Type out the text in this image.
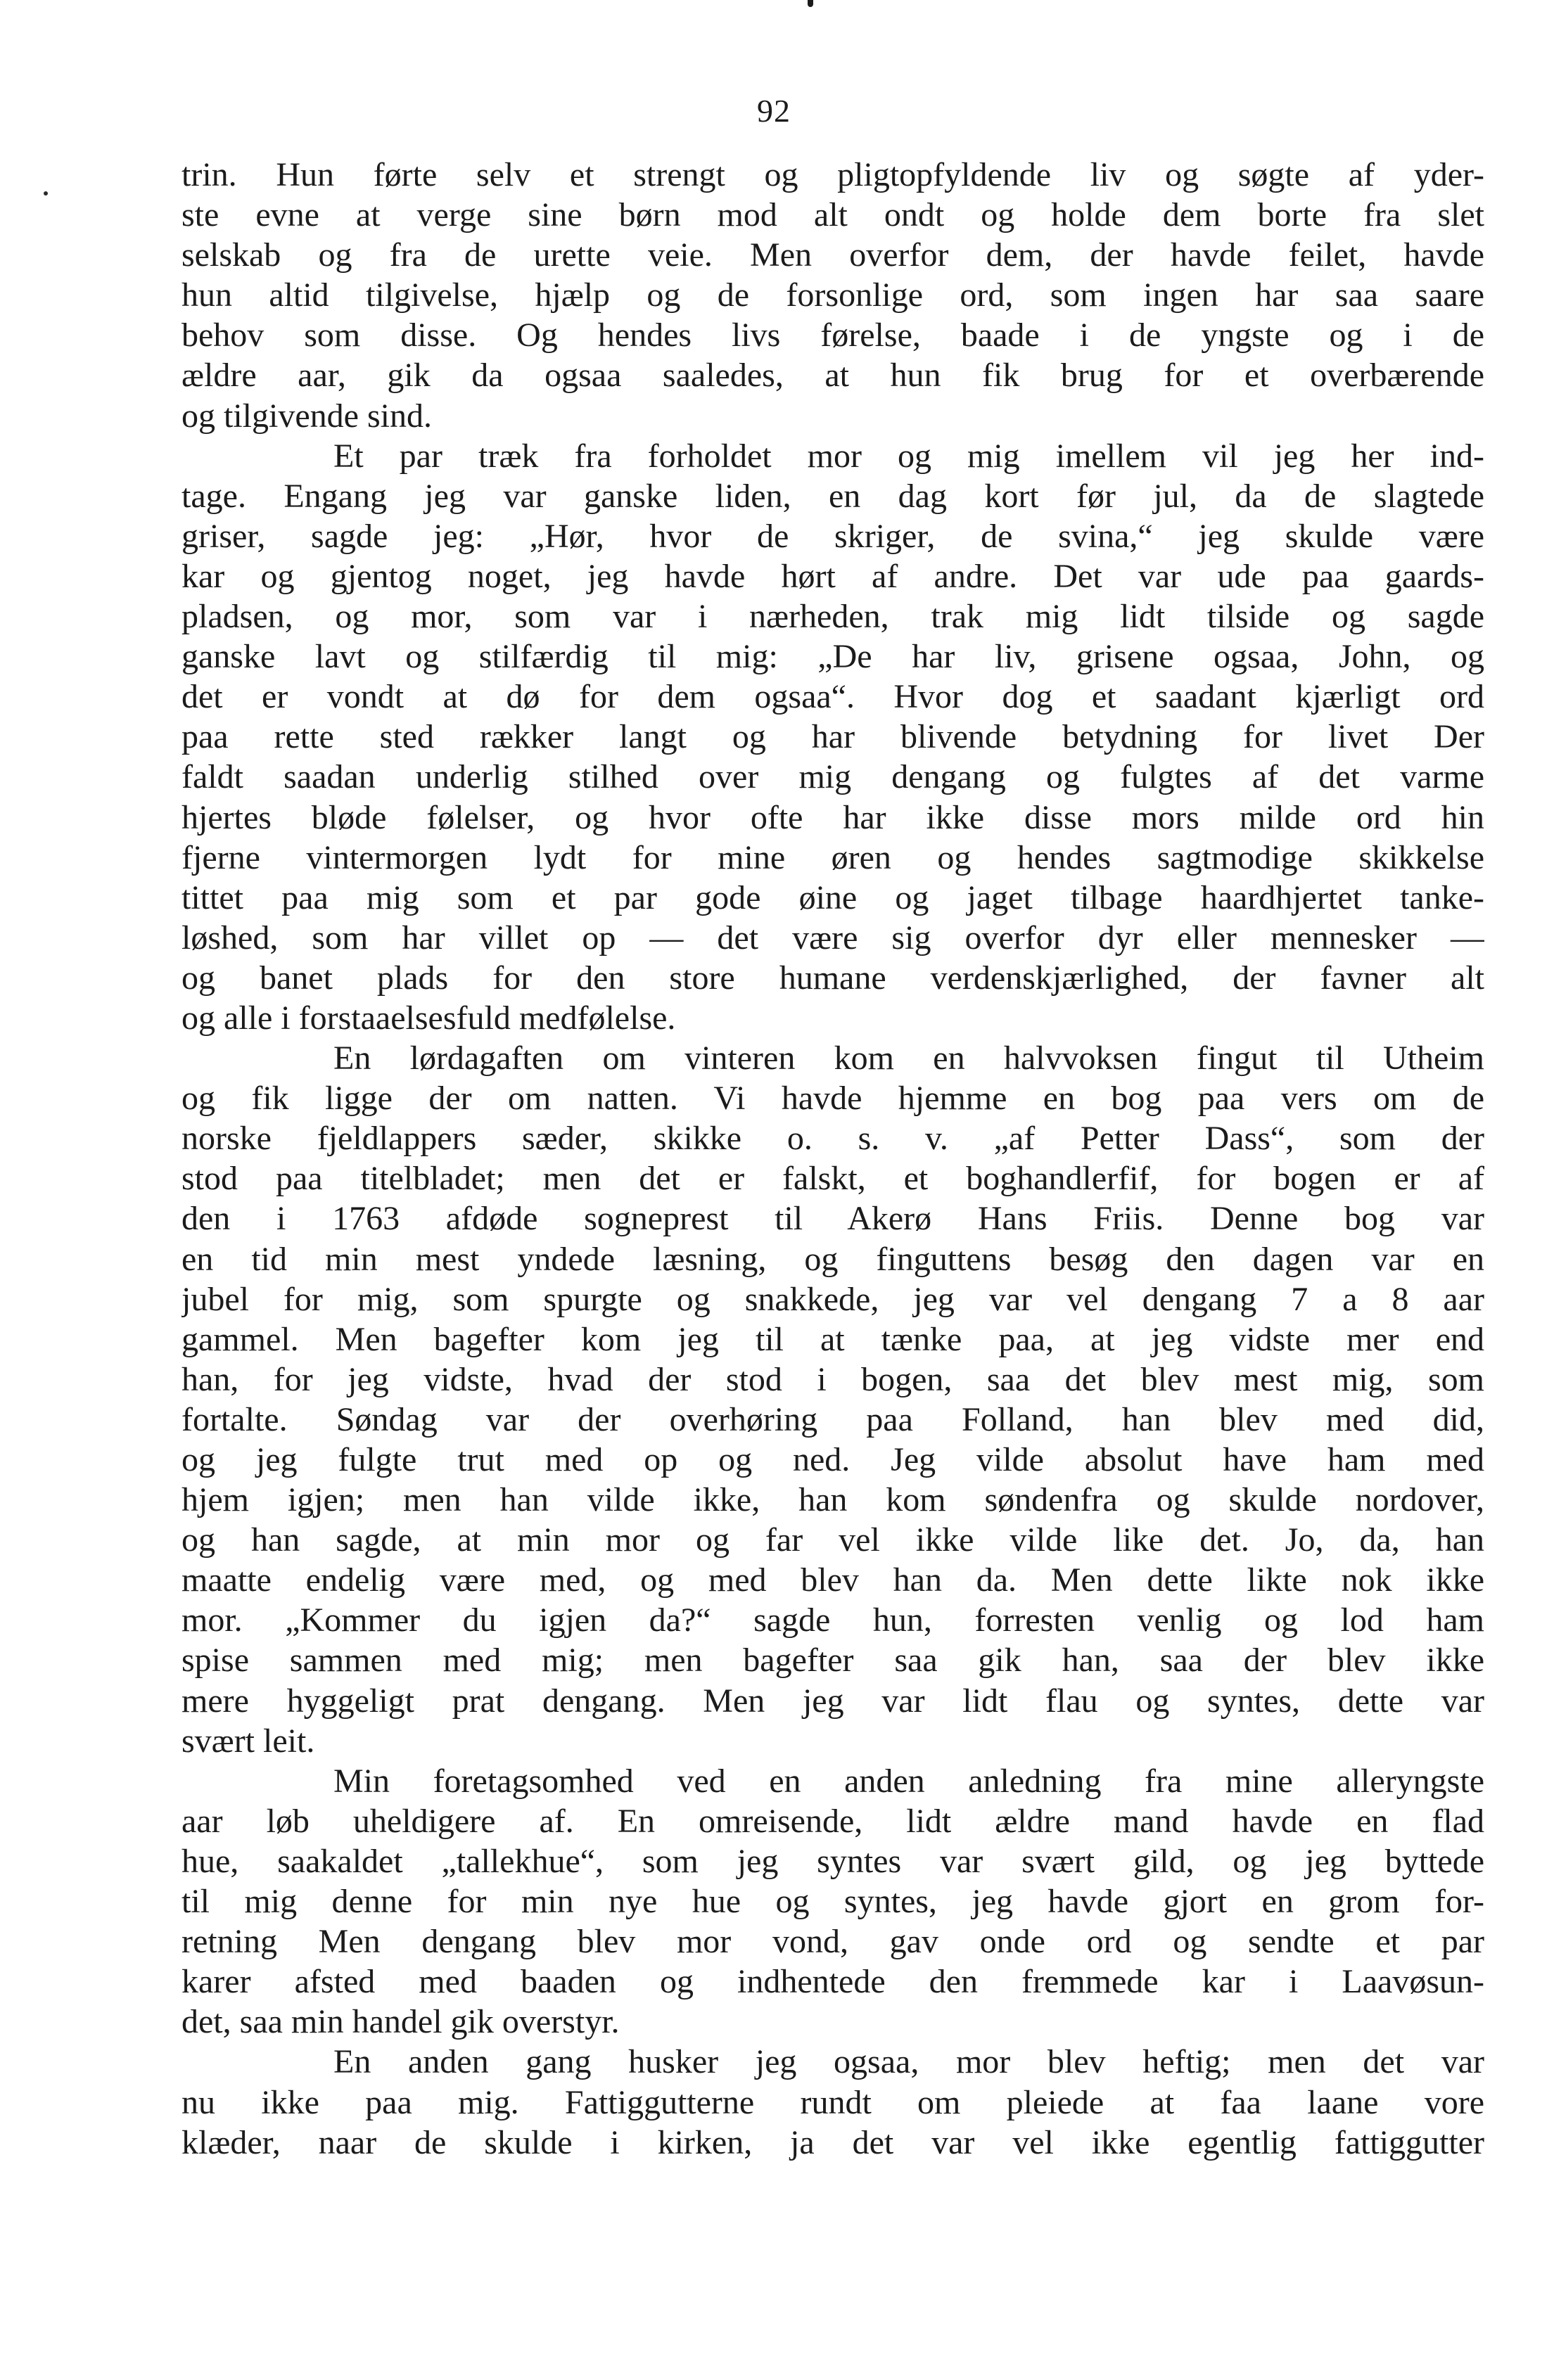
92
trin. Hun førte selv et strengt og pligtopfyldende liv og søgte af yder-
ste evne at verge sine børn mod alt ondt og holde dem borte fra slet
selskab og fra de urette veie. Men overfor dem, der havde feilet, havde
hun altid tilgivelse, hjælp og de forsonlige ord, som ingen har saa saare
behov som disse. Og hendes livs førelse, baade i de yngste og i de
ældre aar, gik da ogsaa saaledes, at hun fik brug for et overbærende
og tilgivende sind.
Et par træk fra forholdet mor og mig imellem vil jeg her ind-
tage. Engang jeg var ganske liden, en dag kort før jul, da de slagtede
griser, sagde jeg: „Hør, hvor de skriger, de svina,“ jeg skulde være
kar og gjentog noget, jeg havde hørt af andre. Det var ude paa gaards-
pladsen, og mor, som var i nærheden, trak mig lidt tilside og sagde
ganske lavt og stilfærdig til mig: „De har liv, grisene ogsaa, John, og
det er vondt at dø for dem ogsaa“. Hvor dog et saadant kjærligt ord
paa rette sted rækker langt og har blivende betydning for livet Der
faldt saadan underlig stilhed over mig dengang og fulgtes af det varme
hjertes bløde følelser, og hvor ofte har ikke disse mors milde ord hin
fjerne vintermorgen lydt for mine øren og hendes sagtmodige skikkelse
tittet paa mig som et par gode øine og jaget tilbage haardhjertet tanke-
løshed, som har villet op — det være sig overfor dyr eller mennesker —
og banet plads for den store humane verdenskjærlighed, der favner alt
og alle i forstaaelsesfuld medfølelse.
En lørdagaften om vinteren kom en halvvoksen fingut til Utheim
og fik ligge der om natten. Vi havde hjemme en bog paa vers om de
norske fjeldlappers sæder, skikke o. s. v. „af Petter Dass“, som der
stod paa titelbladet; men det er falskt, et boghandlerfif, for bogen er af
den i 1763 afdøde sogneprest til Akerø Hans Friis. Denne bog var
en tid min mest yndede læsning, og finguttens besøg den dagen var en
jubel for mig, som spurgte og snakkede, jeg var vel dengang 7 a 8 aar
gammel. Men bagefter kom jeg til at tænke paa, at jeg vidste mer end
han, for jeg vidste, hvad der stod i bogen, saa det blev mest mig, som
fortalte. Søndag var der overhøring paa Folland, han blev med did,
og jeg fulgte trut med op og ned. Jeg vilde absolut have ham med
hjem igjen; men han vilde ikke, han kom søndenfra og skulde nordover,
og han sagde, at min mor og far vel ikke vilde like det. Jo, da, han
maatte endelig være med, og med blev han da. Men dette likte nok ikke
mor. „Kommer du igjen da?“ sagde hun, forresten venlig og lod ham
spise sammen med mig; men bagefter saa gik han, saa der blev ikke
mere hyggeligt prat dengang. Men jeg var lidt flau og syntes, dette var
svært leit.
Min foretagsomhed ved en anden anledning fra mine alleryngste
aar løb uheldigere af. En omreisende, lidt ældre mand havde en flad
hue, saakaldet „tallekhue“, som jeg syntes var svært gild, og jeg byttede
til mig denne for min nye hue og syntes, jeg havde gjort en grom for-
retning Men dengang blev mor vond, gav onde ord og sendte et par
karer afsted med baaden og indhentede den fremmede kar i Laavøsun-
det, saa min handel gik overstyr.
En anden gang husker jeg ogsaa, mor blev heftig; men det var
nu ikke paa mig. Fattiggutterne rundt om pleiede at faa laane vore
klæder, naar de skulde i kirken, ja det var vel ikke egentlig fattiggutter
